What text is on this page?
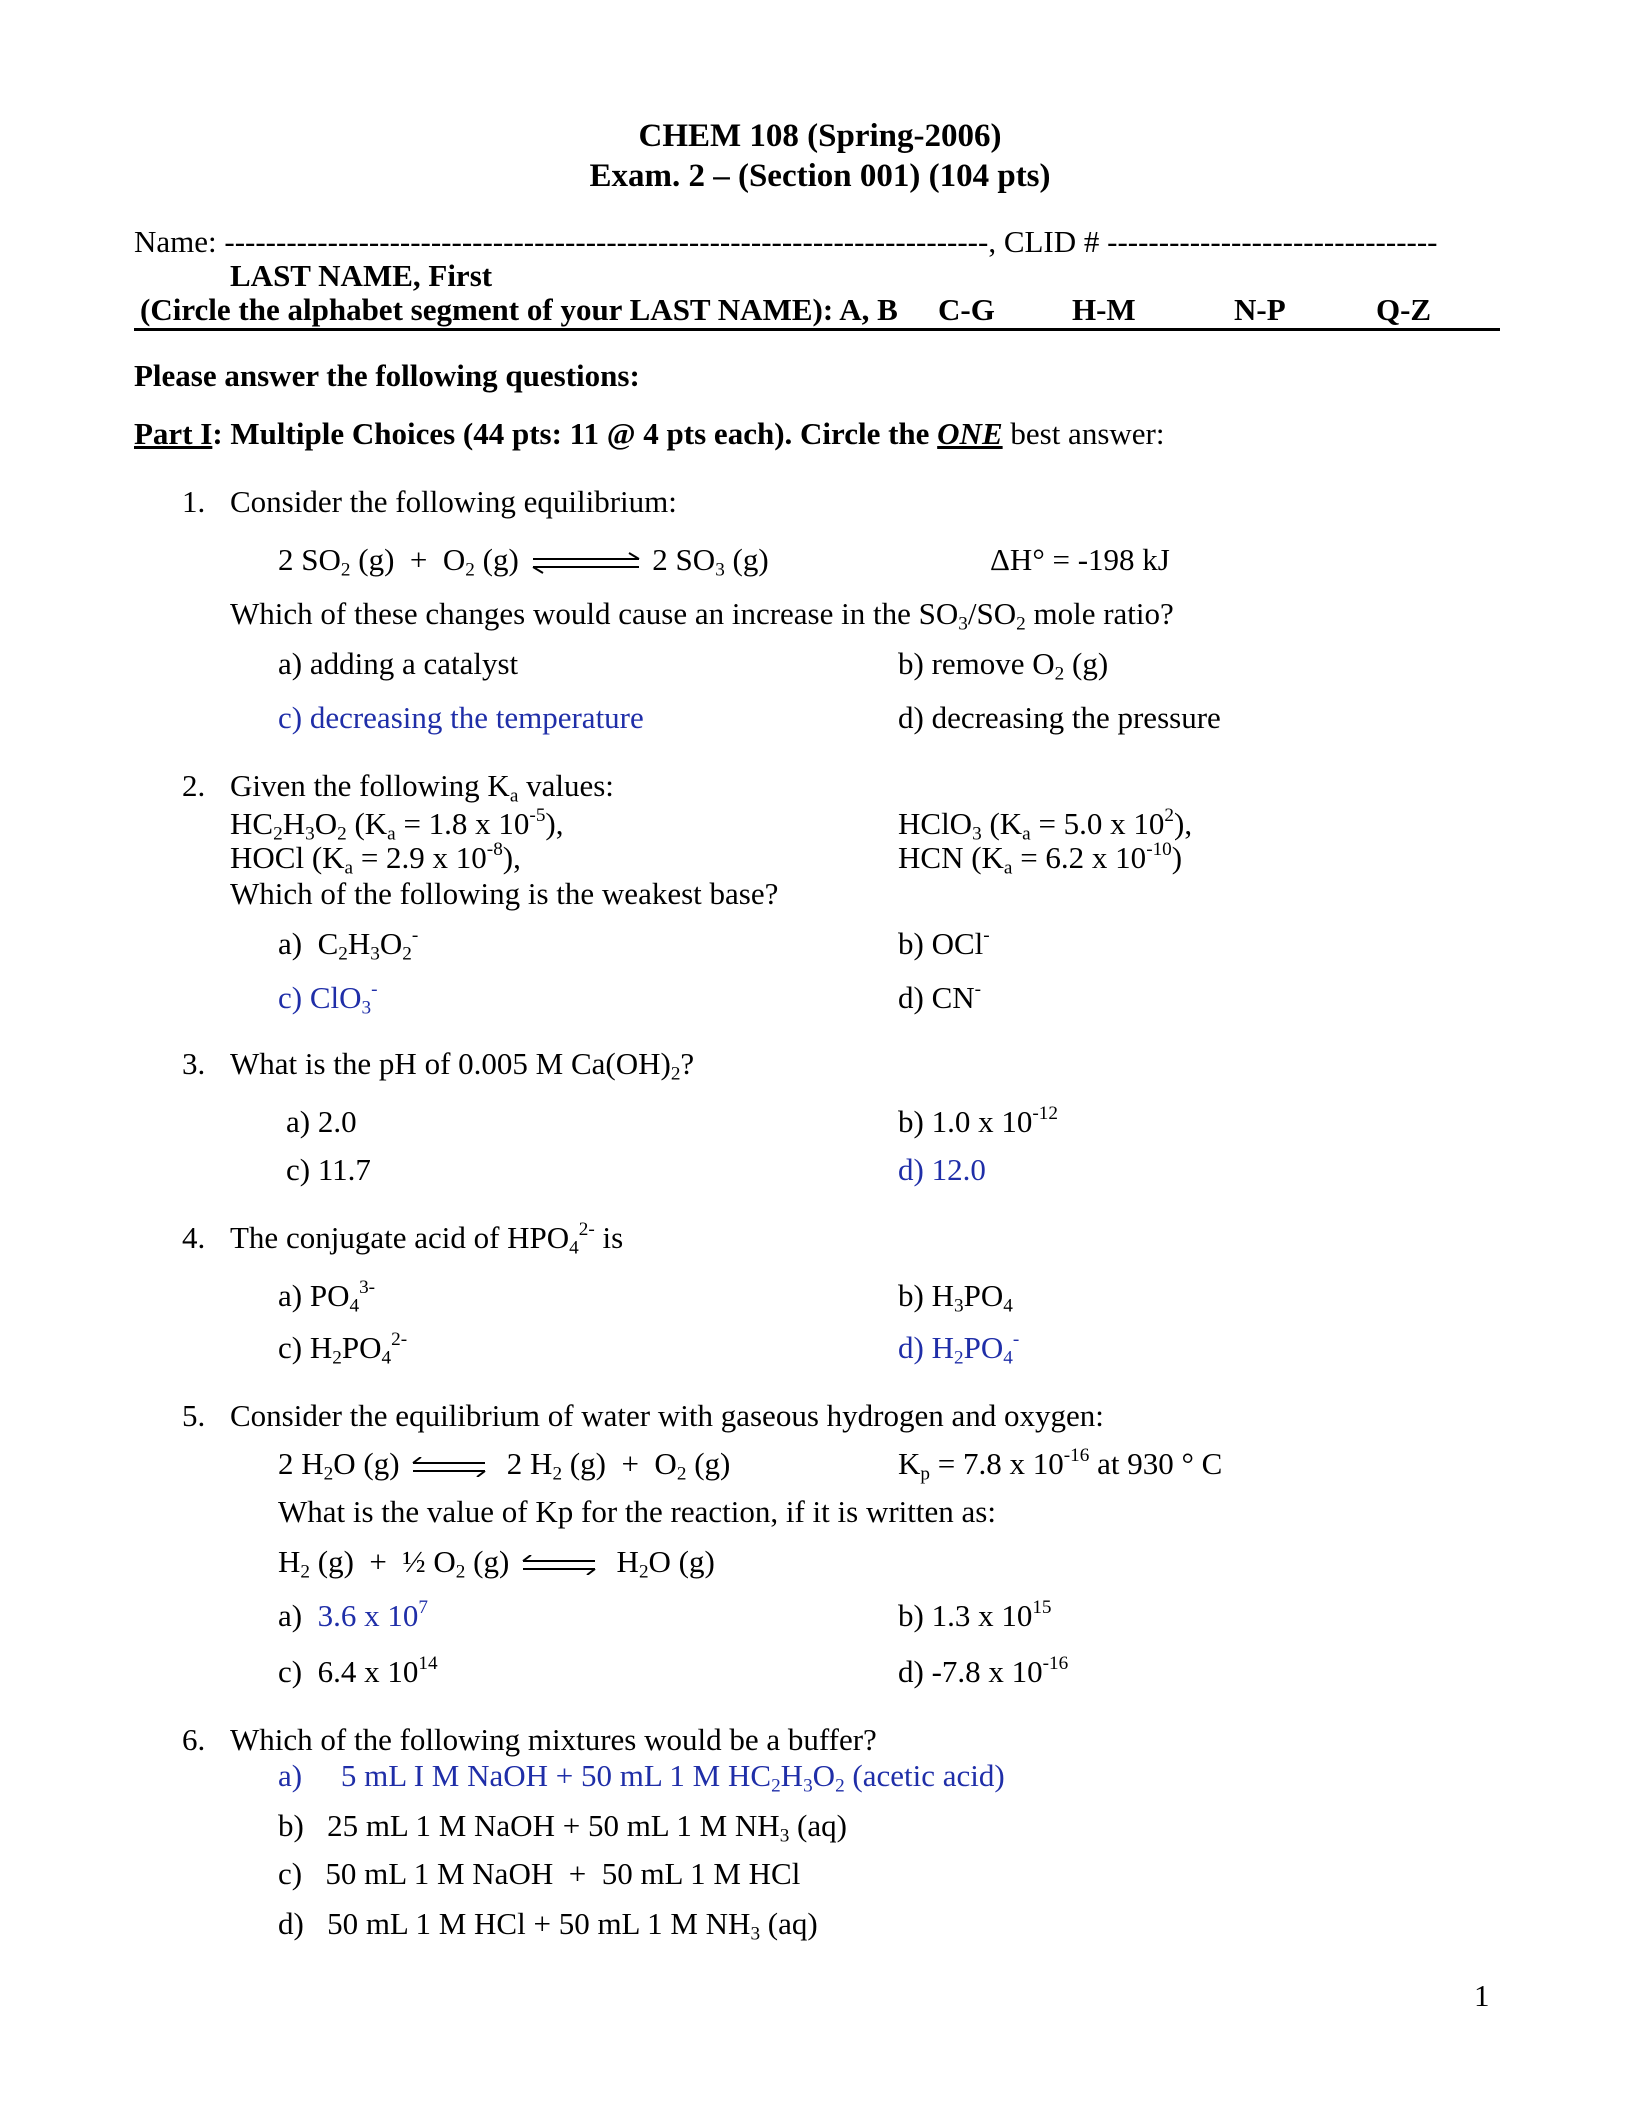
CHEM 108 (Spring-2006)
Exam. 2 – (Section 001) (104 pts)
Name: --------------------------------------------------------------------------, CLID # --------------------------------
LAST NAME, First
(Circle the alphabet segment of your LAST NAME): A, B C-G H-M	N-P	Q-Z
Please answer the following questions:
Part I: Multiple Choices (44 pts: 11 @ 4 pts each). Circle the ONE best answer:
1. Consider the following equilibrium:
2 $SO_2$ $(g) + O_2$ (g) ⇌ 2 $SO_3$ (g)	ΔH° = -198 kJ
Which of these changes would cause an increase in the $SO_3/SO_2$ mole ratio?
a) adding a catalyst	b) remove $O_2$ (g)
c) decreasing the temperature	d) decreasing the pressure
2. Given the following $K_a$ values:
$HC_2H_3O_2$ ($K_a = 1.8$ x $10^{-5}$),	HClO$_3$ ($K_a = 5.0$ x $10^2$),
HOCl ($K_a = 2.9$ x $10^{-8}$),	HCN ($K_a = 6.2$ x $10^{-10}$)
Which of the following is the weakest base?
a)  $C_2H_3O_2^-$	b) OCl-
c) ClO$_3$-	d) CN-
3. What is the pH of 0.005 M $Ca(OH)_2$?
a) 2.0	b) 1.0 x $10^{-12}$
c) 11.7	d) 12.0
4. The conjugate acid of $HPO_4^{2-}$ is
a) $PO_4^{3-}$	b) $H_3PO_4$
c) $H_2PO_4^{2-}$	d) $H_2PO_4^-$
5. Consider the equilibrium of water with gaseous hydrogen and oxygen:
2 $H_2O$ (g) ⇌ 2 $H_2$ $(g) + O_2$ (g)	$K_p = 7.8$ x $10^{-16}$ at 930 ° C
What is the value of Kp for the reaction, if it is written as:
$H_2$ (g)  +  ½ $O_2$ (g) ⇌ $H_2O$ (g)
a)  3.6 x $10^7$	b) 1.3 x $10^{15}$
c)  6.4 x $10^{14}$	d) -7.8 x $10^{-16}$
6. Which of the following mixtures would be a buffer?
a)     5 mL I M NaOH + 50 mL 1 M $HC_2H_3O_2$ (acetic acid)
b)   25 mL 1 M NaOH + 50 mL 1 M $NH_3$ (aq)
c)   50 mL 1 M NaOH  +  50 mL 1 M HCl
d)   50 mL 1 M HCl + 50 mL 1 M $NH_3$ (aq)
1
